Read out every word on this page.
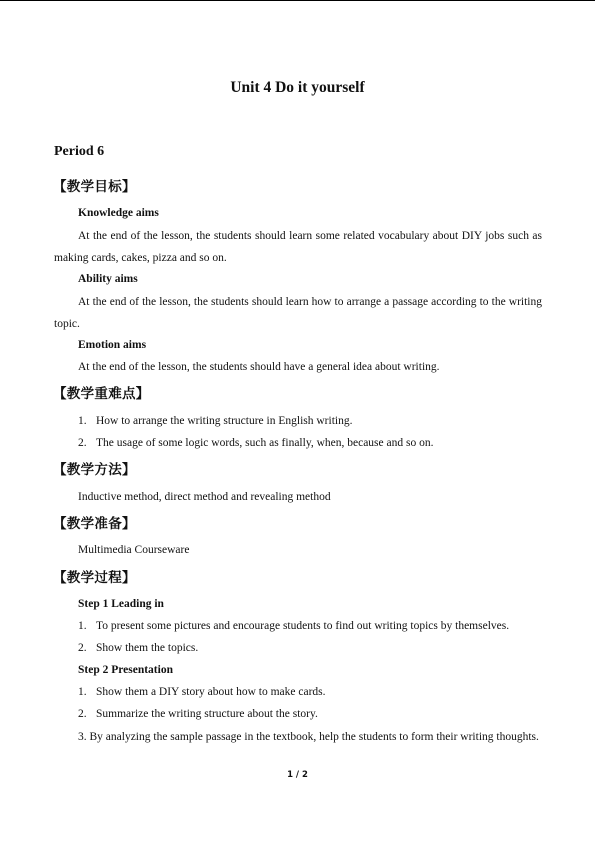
Unit 4 Do it yourself
Period 6
【教学目标】
Knowledge aims
At the end of the lesson, the students should learn some related vocabulary about DIY jobs such as making cards, cakes, pizza and so on.
Ability aims
At the end of the lesson, the students should learn how to arrange a passage according to the writing topic.
Emotion aims
At the end of the lesson, the students should have a general idea about writing.
【教学重难点】
1. How to arrange the writing structure in English writing.
2. The usage of some logic words, such as finally, when, because and so on.
【教学方法】
Inductive method, direct method and revealing method
【教学准备】
Multimedia Courseware
【教学过程】
Step 1 Leading in
1. To present some pictures and encourage students to find out writing topics by themselves.
2. Show them the topics.
Step 2 Presentation
1. Show them a DIY story about how to make cards.
2. Summarize the writing structure about the story.
3. By analyzing the sample passage in the textbook, help the students to form their writing thoughts.
1 / 2
